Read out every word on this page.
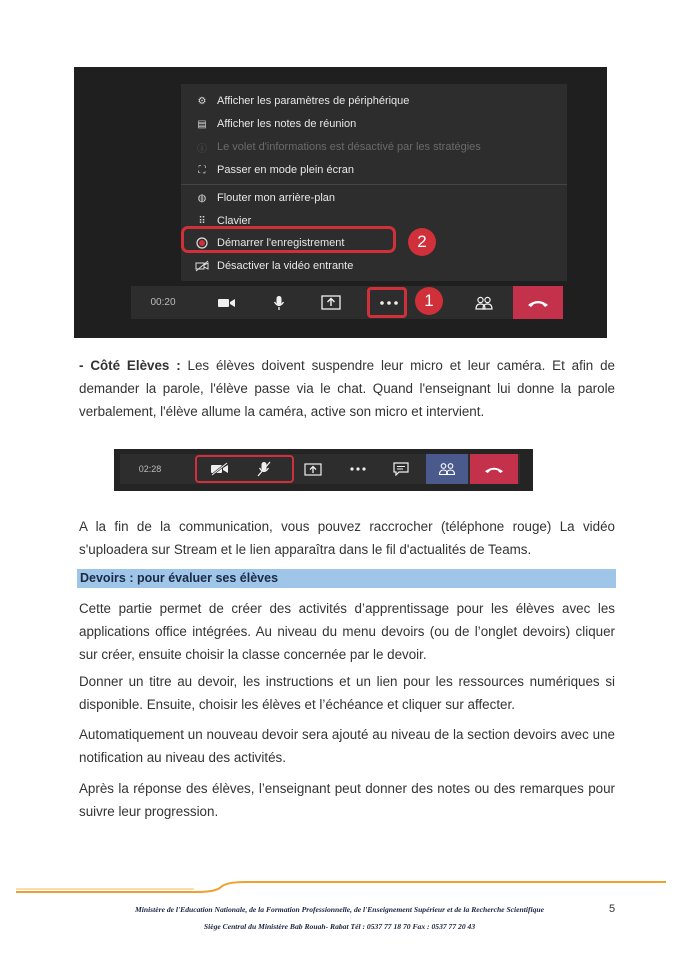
⚙ Afficher les paramètres de périphérique
▤ Afficher les notes de réunion
ⓘ Le volet d'informations est désactivé par les stratégies
⛶	Passer en mode plein écran
◍ Flouter mon arrière-plan
⠿	Clavier
Démarrer l'enregistrement
Désactiver la vidéo entrante
2
00:20	1
- Côté Elèves : Les élèves doivent suspendre leur micro et leur caméra. Et afin de demander la parole, l'élève passe via le chat. Quand l'enseignant lui donne la parole verbalement, l'élève allume la caméra, active son micro et intervient.
02:28
A la fin de la communication, vous pouvez raccrocher (téléphone rouge) La vidéo s'uploadera sur Stream et le lien apparaîtra dans le fil d'actualités de Teams.
Devoirs : pour évaluer ses élèves
Cette partie permet de créer des activités d’apprentissage pour les élèves avec les applications office intégrées. Au niveau du menu devoirs (ou de l’onglet devoirs) cliquer sur créer, ensuite choisir la classe concernée par le devoir.
Donner un titre au devoir, les instructions et un lien pour les ressources numériques si disponible. Ensuite, choisir les élèves et l’échéance et cliquer sur affecter.
Automatiquement un nouveau devoir sera ajouté au niveau de la section devoirs avec une notification au niveau des activités.
Après la réponse des élèves, l’enseignant peut donner des notes ou des remarques pour suivre leur progression.
Ministère de l'Education Nationale, de la Formation Professionnelle, de l'Enseignement Supérieur et de la Recherche Scientifique
Siège Central du Ministère Bab Rouah- Rabat Tél : 0537 77 18 70 Fax : 0537 77 20 43
5
